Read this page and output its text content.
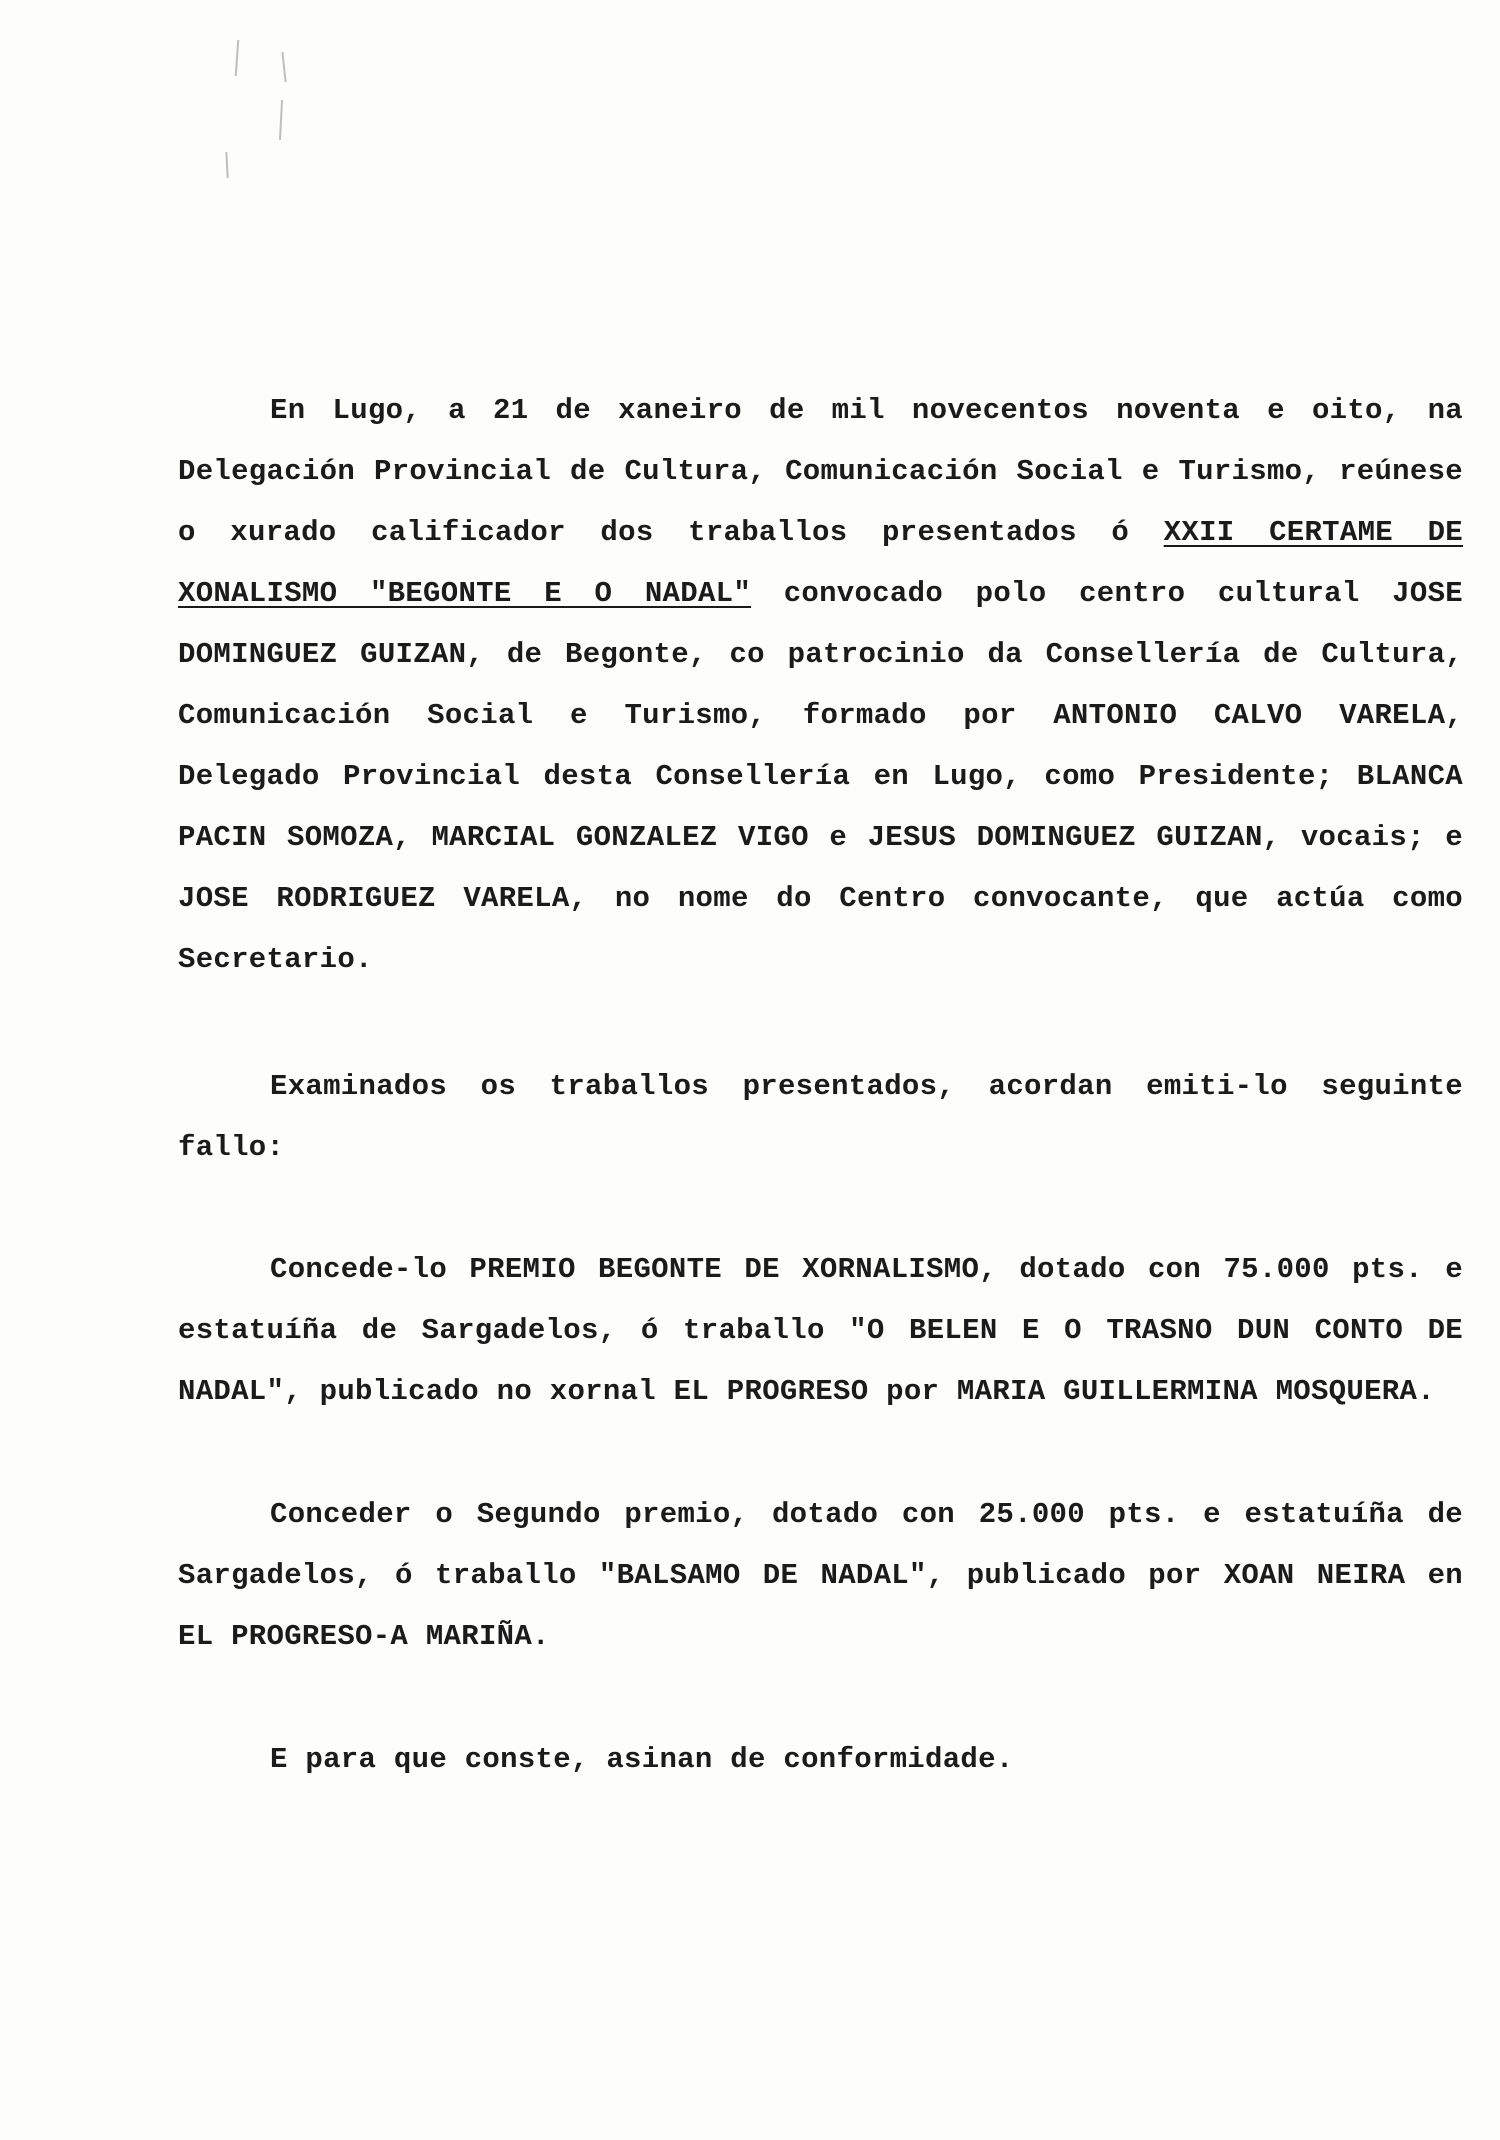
En Lugo, a 21 de xaneiro de mil novecentos noventa e oito, na Delegación Provincial de Cultura, Comunicación Social e Turismo, reúnese o xurado calificador dos traballos presentados ó XXII CERTAME DE XONALISMO "BEGONTE E O NADAL" convocado polo centro cultural JOSE DOMINGUEZ GUIZAN, de Begonte, co patrocinio da Consellería de Cultura, Comunicación Social e Turismo, formado por ANTONIO CALVO VARELA, Delegado Provincial desta Consellería en Lugo, como Presidente; BLANCA PACIN SOMOZA, MARCIAL GONZALEZ VIGO e JESUS DOMINGUEZ GUIZAN, vocais; e JOSE RODRIGUEZ VARELA, no nome do Centro convocante, que actúa como Secretario.

Examinados os traballos presentados, acordan emiti-lo seguinte fallo:

Concede-lo PREMIO BEGONTE DE XORNALISMO, dotado con 75.000 pts. e estatuíña de Sargadelos, ó traballo "O BELEN E O TRASNO DUN CONTO DE NADAL", publicado no xornal EL PROGRESO por MARIA GUILLERMINA MOSQUERA.

Conceder o Segundo premio, dotado con 25.000 pts. e estatuíña de Sargadelos, ó traballo "BALSAMO DE NADAL", publicado por XOAN NEIRA en EL PROGRESO-A MARIÑA.

E para que conste, asinan de conformidade.
